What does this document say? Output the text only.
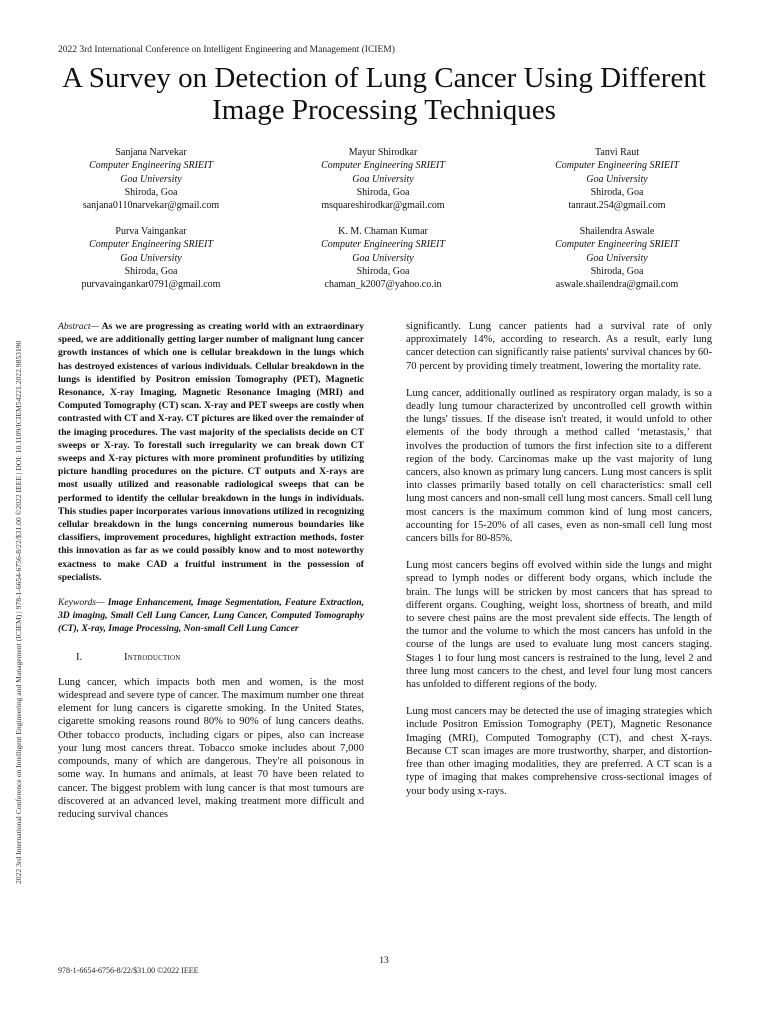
2022 3rd International Conference on Intelligent Engineering and Management (ICIEM)
A Survey on Detection of Lung Cancer Using Different Image Processing Techniques
2022 3rd International Conference on Intelligent Engineering and Management (ICIEM) | 978-1-6654-6756-8/22/$31.00 ©2022 IEEE | DOI: 10.1109/ICIEM54221.2022.9853190
Sanjana Narvekar
Computer Engineering SRIEIT
Goa University
Shiroda, Goa
sanjana0110narvekar@gmail.com
Mayur Shirodkar
Computer Engineering SRIEIT
Goa University
Shiroda, Goa
msquareshirodkar@gmail.com
Tanvi Raut
Computer Engineering SRIEIT
Goa University
Shiroda, Goa
tanraut.254@gmail.com
Purva Vaingankar
Computer Engineering SRIEIT
Goa University
Shiroda, Goa
purvavaingankar0791@gmail.com
K. M. Chaman Kumar
Computer Engineering SRIEIT
Goa University
Shiroda, Goa
chaman_k2007@yahoo.co.in
Shailendra Aswale
Computer Engineering SRIEIT
Goa University
Shiroda, Goa
aswale.shailendra@gmail.com
Abstract— As we are progressing as creating world with an extraordinary speed, we are additionally getting larger number of malignant lung cancer growth instances of which one is cellular breakdown in the lungs which has destroyed existences of various individuals. Cellular breakdown in the lungs is identified by Positron emission Tomography (PET), Magnetic Resonance, X-ray Imaging, Magnetic Resonance Imaging (MRI) and Computed Tomography (CT) scan. X-ray and PET sweeps are costly when contrasted with CT and X-ray. CT pictures are liked over the remainder of the imaging procedures. The vast majority of the specialists decide on CT sweeps or X-ray. To forestall such irregularity we can break down CT sweeps and X-ray pictures with more prominent profundities by utilizing picture handling procedures on the picture. CT outputs and X-rays are most usually utilized and reasonable radiological sweeps that can be performed to identify the cellular breakdown in the lungs in individuals. This studies paper incorporates various innovations utilized in recognizing cellular breakdown in the lungs concerning numerous boundaries like classifiers, improvement procedures, highlight extraction methods, foster this innovation as far as we could possibly know and to most noteworthy exactness to make CAD a fruitful instrument in the possession of specialists.
Keywords— Image Enhancement, Image Segmentation, Feature Extraction, 3D imaging, Small Cell Lung Cancer, Lung Cancer, Computed Tomography (CT), X-ray, Image Processing, Non-small Cell Lung Cancer
I.	Introduction

Lung cancer, which impacts both men and women, is the most widespread and severe type of cancer. The maximum number one threat element for lung cancers is cigarette smoking. In the United States, cigarette smoking reasons round 80% to 90% of lung cancers deaths. Other tobacco products, including cigars or pipes, also can increase your lung most cancers threat. Tobacco smoke includes about 7,000 compounds, many of which are dangerous. They're all poisonous in some way. In humans and animals, at least 70 have been related to cancer. The biggest problem with lung cancer is that most tumours are discovered at an advanced level, making treatment more difficult and reducing survival chances

significantly. Lung cancer patients had a survival rate of only approximately 14%, according to research. As a result, early lung cancer detection can significantly raise patients' survival chances by 60-70 percent by providing timely treatment, lowering the mortality rate.

Lung cancer, additionally outlined as respiratory organ malady, is so a deadly lung tumour characterized by uncontrolled cell growth within the lungs' tissues. If the disease isn't treated, it would unfold to other elements of the body through a method called ‘metastasis,’ that involves the production of tumors the first infection site to a different region of the body. Carcinomas make up the vast majority of lung cancers, also known as primary lung cancers. Lung most cancers is split into classes primarily based totally on cell characteristics: small cell lung most cancers and non-small cell lung most cancers. Small cell lung most cancers is the maximum common kind of lung most cancers, accounting for 15-20% of all cases, even as non-small cell lung most cancers bills for 80-85%.

Lung most cancers begins off evolved within side the lungs and might spread to lymph nodes or different body organs, which include the brain. The lungs will be stricken by most cancers that has spread to different organs. Coughing, weight loss, shortness of breath, and mild to severe chest pains are the most prevalent side effects. The length of the tumor and the volume to which the most cancers has unfold in the course of the lungs are used to evaluate lung most cancers staging. Stages 1 to four lung most cancers is restrained to the lung, level 2 and three lung most cancers to the chest, and level four lung most cancers has unfolded to different regions of the body.

Lung most cancers may be detected the use of imaging strategies which include Positron Emission Tomography (PET), Magnetic Resonance Imaging (MRI), Computed Tomography (CT), and chest X-rays. Because CT scan images are more trustworthy, sharper, and distortion-free than other imaging modalities, they are preferred. A CT scan is a type of imaging that makes comprehensive cross-sectional images of your body using x-rays.

13
978-1-6654-6756-8/22/$31.00 ©2022 IEEE
